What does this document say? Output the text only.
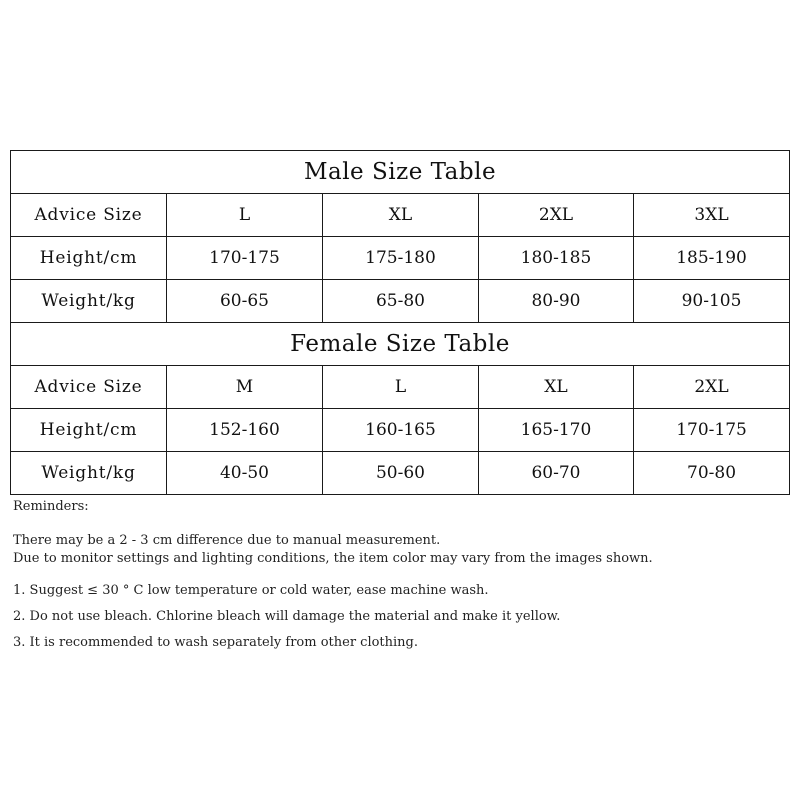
Male Size Table				
Advice Size	L	XL	2XL	3XL
Height/cm	170-175	175-180	180-185	185-190
Weight/kg	60-65	65-80	80-90	90-105
Female Size Table				
Advice Size	M	L	XL	2XL
Height/cm	152-160	160-165	165-170	170-175
Weight/kg	40-50	50-60	60-70	70-80

Reminders:

There may be a 2 - 3 cm difference due to manual measurement.

Due to monitor settings and lighting conditions, the item color may vary from the images shown.

1. Suggest ≤ 30 ° C low temperature or cold water, ease machine wash.

2. Do not use bleach. Chlorine bleach will damage the material and make it yellow.

3. It is recommended to wash separately from other clothing.
